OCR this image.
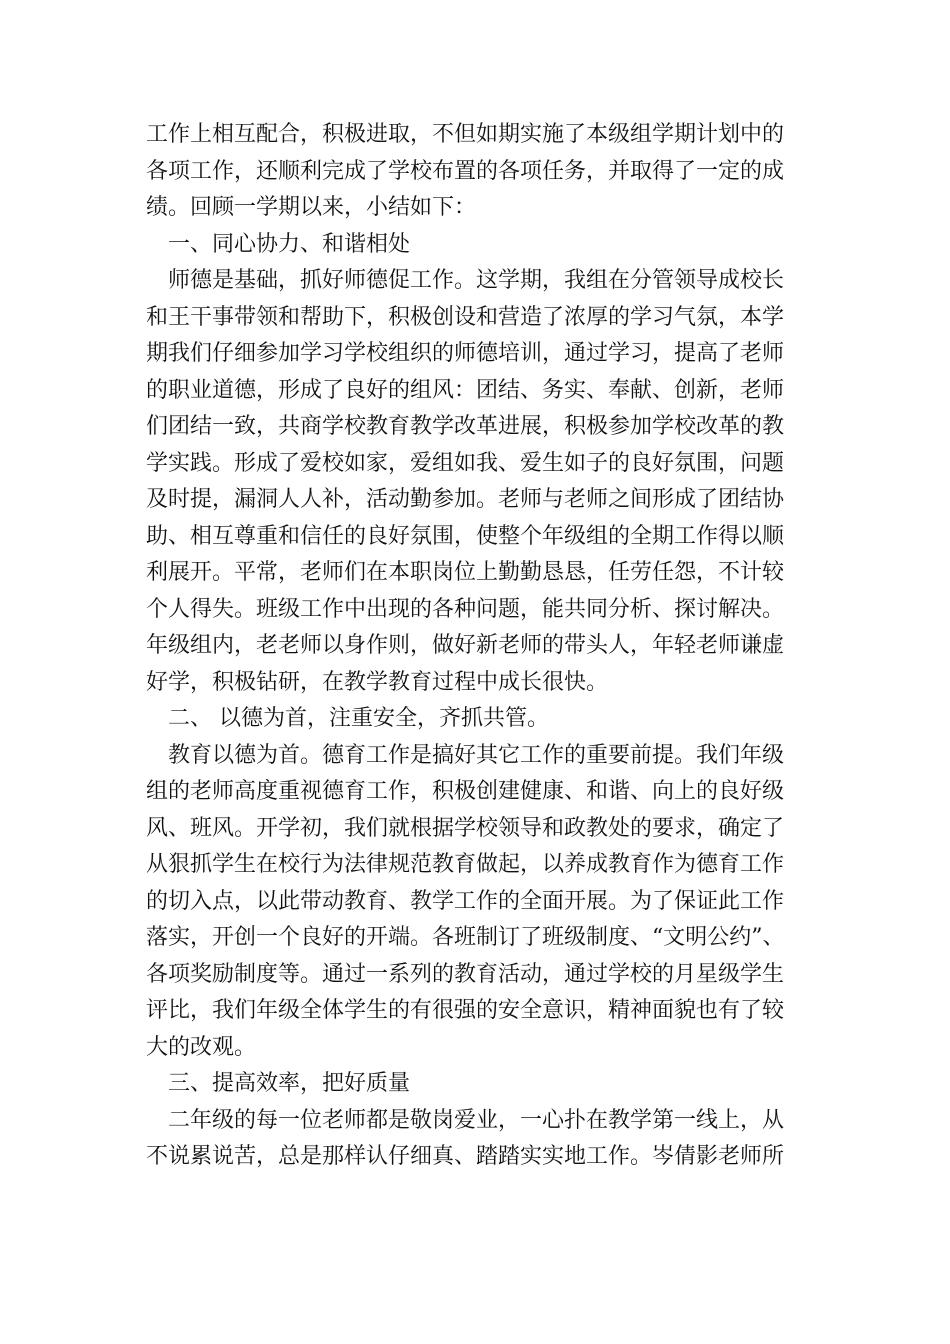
工作上相互配合，积极进取，不但如期实施了本级组学期计划中的
各项工作，还顺利完成了学校布置的各项任务，并取得了一定的成
绩。回顾一学期以来，小结如下：
　一、同心协力、和谐相处
　师德是基础，抓好师德促工作。这学期，我组在分管领导成校长
和王干事带领和帮助下，积极创设和营造了浓厚的学习气氛，本学
期我们仔细参加学习学校组织的师德培训，通过学习，提高了老师
的职业道德，形成了良好的组风：团结、务实、奉献、创新，老师
们团结一致，共商学校教育教学改革进展，积极参加学校改革的教
学实践。形成了爱校如家，爱组如我、爱生如子的良好氛围，问题
及时提，漏洞人人补，活动勤参加。老师与老师之间形成了团结协
助、相互尊重和信任的良好氛围，使整个年级组的全期工作得以顺
利展开。平常，老师们在本职岗位上勤勤恳恳，任劳任怨，不计较
个人得失。班级工作中出现的各种问题，能共同分析、探讨解决。
年级组内，老老师以身作则，做好新老师的带头人，年轻老师谦虚
好学，积极钻研，在教学教育过程中成长很快。
　二、 以德为首，注重安全，齐抓共管。
　教育以德为首。德育工作是搞好其它工作的重要前提。我们年级
组的老师高度重视德育工作，积极创建健康、和谐、向上的良好级
风、班风。开学初，我们就根据学校领导和政教处的要求，确定了
从狠抓学生在校行为法律规范教育做起，以养成教育作为德育工作
的切入点，以此带动教育、教学工作的全面开展。为了保证此工作
落实，开创一个良好的开端。各班制订了班级制度、“文明公约”、
各项奖励制度等。通过一系列的教育活动，通过学校的月星级学生
评比，我们年级全体学生的有很强的安全意识，精神面貌也有了较
大的改观。
　三、提高效率，把好质量
　二年级的每一位老师都是敬岗爱业，一心扑在教学第一线上，从
不说累说苦，总是那样认仔细真、踏踏实实地工作。岑倩影老师所
